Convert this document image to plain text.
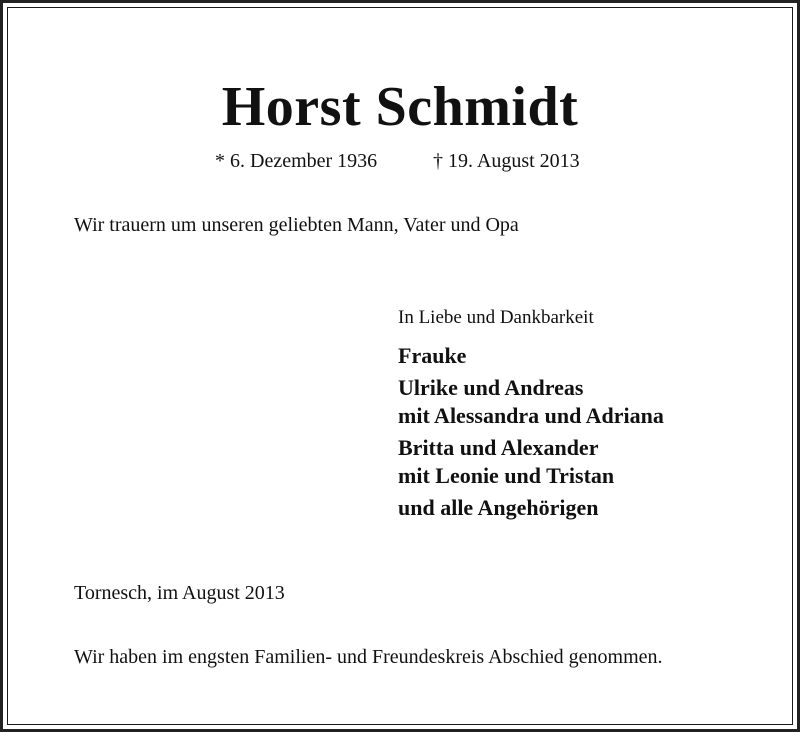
Horst Schmidt
* 6. Dezember 1936	† 19. August 2013
Wir trauern um unseren geliebten Mann, Vater und Opa
In Liebe und Dankbarkeit
Frauke
Ulrike und Andreas
mit Alessandra und Adriana
Britta und Alexander
mit Leonie und Tristan
und alle Angehörigen
Tornesch, im August 2013
Wir haben im engsten Familien- und Freundeskreis Abschied genommen.
